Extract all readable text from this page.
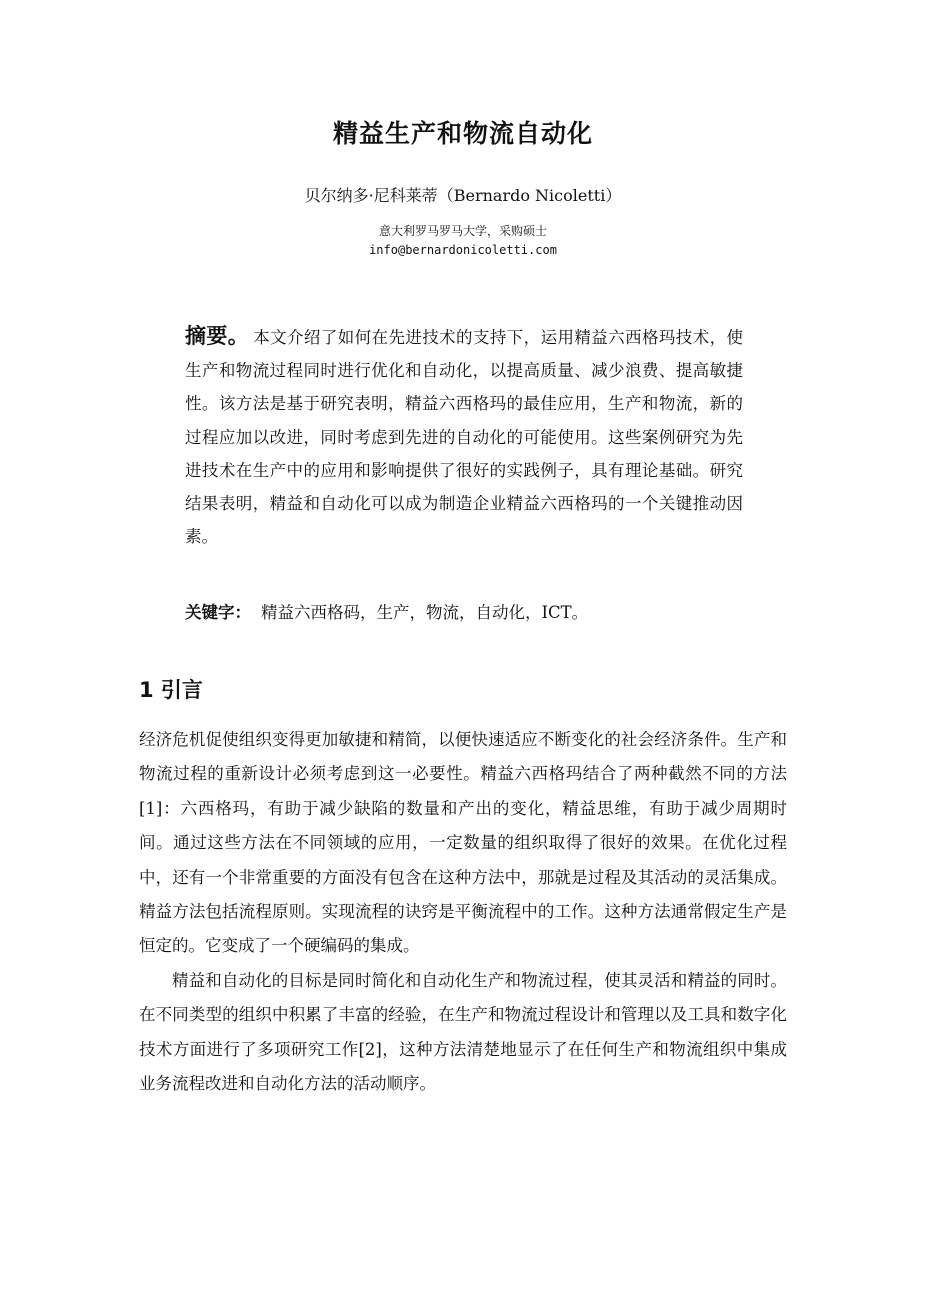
精益生产和物流自动化
贝尔纳多·尼科莱蒂（Bernardo Nicoletti）
意大利罗马罗马大学，采购硕士
info@bernardonicoletti.com
摘要。 本文介绍了如何在先进技术的支持下，运用精益六西格玛技术，使生产和物流过程同时进行优化和自动化，以提高质量、减少浪费、提高敏捷性。该方法是基于研究表明，精益六西格玛的最佳应用，生产和物流，新的过程应加以改进，同时考虑到先进的自动化的可能使用。这些案例研究为先进技术在生产中的应用和影响提供了很好的实践例子，具有理论基础。研究结果表明，精益和自动化可以成为制造企业精益六西格玛的一个关键推动因素。
关键字： 精益六西格码，生产，物流，自动化，ICT。
1 引言

经济危机促使组织变得更加敏捷和精简，以便快速适应不断变化的社会经济条件。生产和物流过程的重新设计必须考虑到这一必要性。精益六西格玛结合了两种截然不同的方法[1]：六西格玛，有助于减少缺陷的数量和产出的变化，精益思维，有助于减少周期时间。通过这些方法在不同领域的应用，一定数量的组织取得了很好的效果。在优化过程中，还有一个非常重要的方面没有包含在这种方法中，那就是过程及其活动的灵活集成。精益方法包括流程原则。实现流程的诀窍是平衡流程中的工作。这种方法通常假定生产是恒定的。它变成了一个硬编码的集成。

精益和自动化的目标是同时简化和自动化生产和物流过程，使其灵活和精益的同时。在不同类型的组织中积累了丰富的经验，在生产和物流过程设计和管理以及工具和数字化技术方面进行了多项研究工作[2]，这种方法清楚地显示了在任何生产和物流组织中集成业务流程改进和自动化方法的活动顺序。
